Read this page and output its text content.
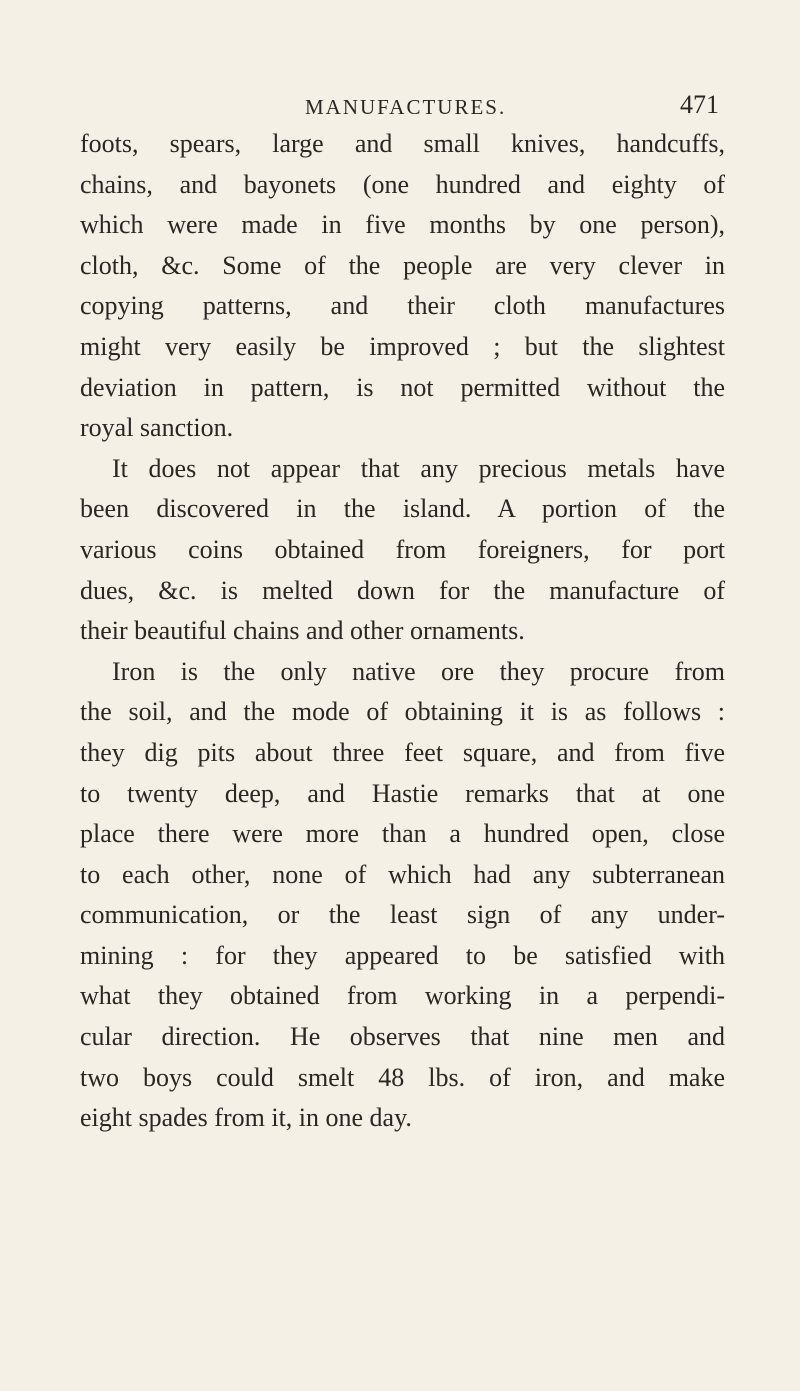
MANUFACTURES.	471
foots, spears, large and small knives, handcuffs,
chains, and bayonets (one hundred and eighty of
which were made in five months by one person),
cloth, &c. Some of the people are very clever in
copying patterns, and their cloth manufactures
might very easily be improved ; but the slightest
deviation in pattern, is not permitted without the
royal sanction.
It does not appear that any precious metals have
been discovered in the island. A portion of the
various coins obtained from foreigners, for port
dues, &c. is melted down for the manufacture of
their beautiful chains and other ornaments.
Iron is the only native ore they procure from
the soil, and the mode of obtaining it is as follows :
they dig pits about three feet square, and from five
to twenty deep, and Hastie remarks that at one
place there were more than a hundred open, close
to each other, none of which had any subterranean
communication, or the least sign of any under-
mining : for they appeared to be satisfied with
what they obtained from working in a perpendi-
cular direction. He observes that nine men and
two boys could smelt 48 lbs. of iron, and make
eight spades from it, in one day.
